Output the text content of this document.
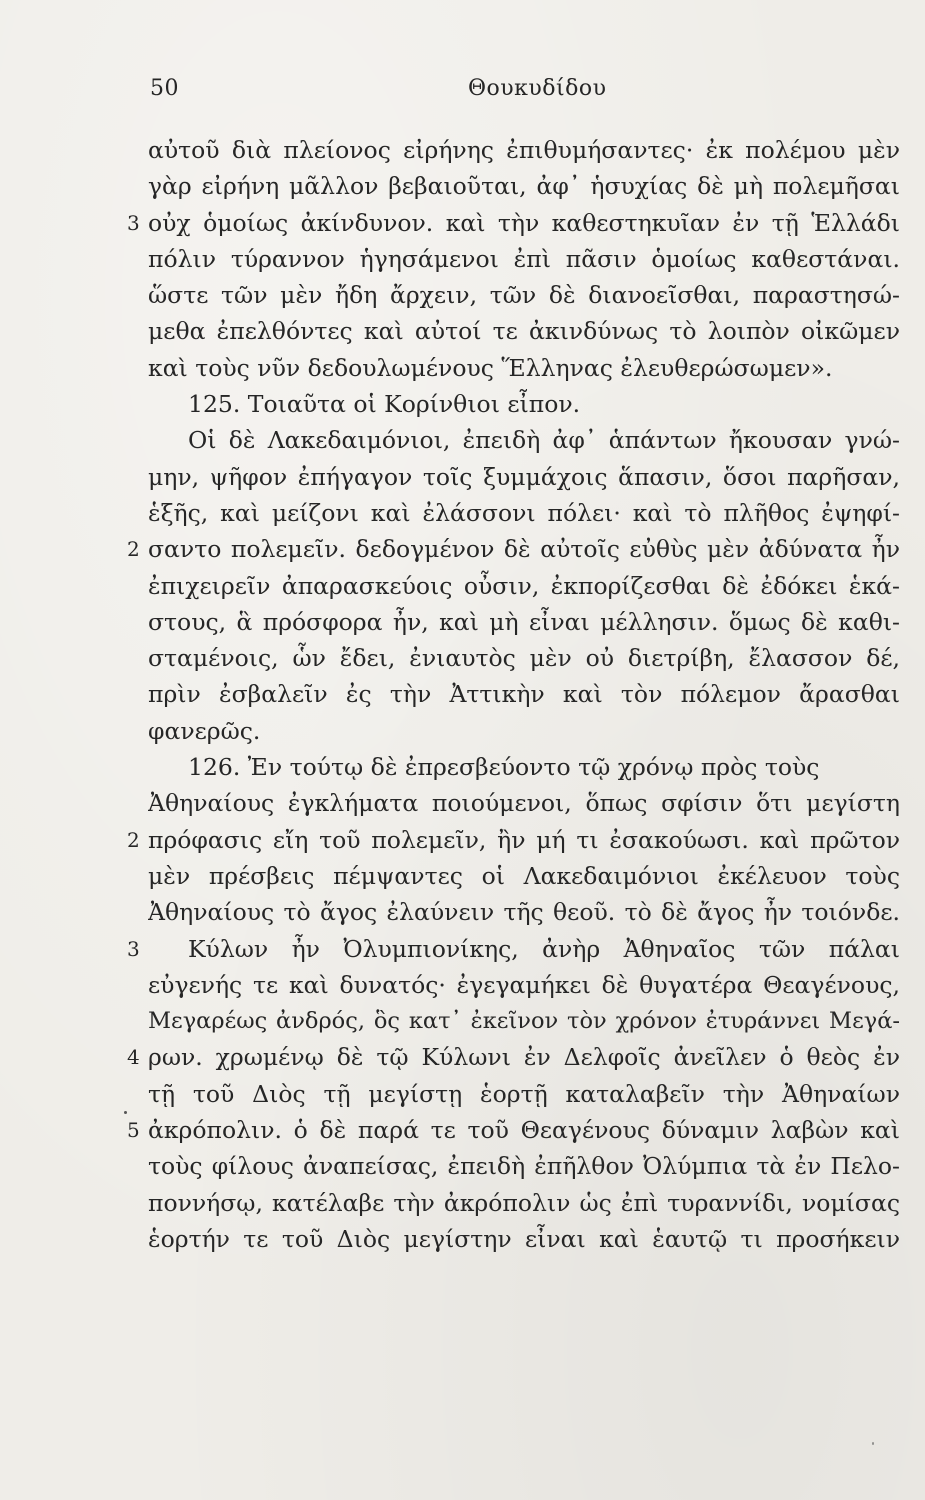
50	Θουκυδίδου
αὐτοῦ διὰ πλείονος εἰρήνης ἐπιθυμήσαντες· ἐκ πολέμου μὲν
γὰρ εἰρήνη μᾶλλον βεβαιοῦται, ἀφ᾽ ἡσυχίας δὲ μὴ πολεμῆσαι
3 οὐχ ὁμοίως ἀκίνδυνον. καὶ τὴν καθεστηκυῖαν ἐν τῇ Ἑλλάδι
πόλιν τύραννον ἡγησάμενοι ἐπὶ πᾶσιν ὁμοίως καθεστάναι.
ὥστε τῶν μὲν ἤδη ἄρχειν, τῶν δὲ διανοεῖσθαι, παραστησώ-
μεθα ἐπελθόντες καὶ αὐτοί τε ἀκινδύνως τὸ λοιπὸν οἰκῶμεν
καὶ τοὺς νῦν δεδουλωμένους Ἕλληνας ἐλευθερώσωμεν».
125. Τοιαῦτα οἱ Κορίνθιοι εἶπον.
Οἱ δὲ Λακεδαιμόνιοι, ἐπειδὴ ἀφ᾽ ἁπάντων ἤκουσαν γνώ-
μην, ψῆφον ἐπήγαγον τοῖς ξυμμάχοις ἅπασιν, ὅσοι παρῆσαν,
ἑξῆς, καὶ μείζονι καὶ ἐλάσσονι πόλει· καὶ τὸ πλῆθος ἐψηφί-
2 σαντο πολεμεῖν. δεδογμένον δὲ αὐτοῖς εὐθὺς μὲν ἀδύνατα ἦν
ἐπιχειρεῖν ἀπαρασκεύοις οὖσιν, ἐκπορίζεσθαι δὲ ἐδόκει ἑκά-
στους, ἃ πρόσφορα ἦν, καὶ μὴ εἶναι μέλλησιν. ὅμως δὲ καθι-
σταμένοις, ὧν ἔδει, ἐνιαυτὸς μὲν οὐ διετρίβη, ἔλασσον δέ,
πρὶν ἐσβαλεῖν ἐς τὴν Ἀττικὴν καὶ τὸν πόλεμον ἄρασθαι
φανερῶς.
126. Ἐν τούτῳ δὲ ἐπρεσβεύοντο τῷ χρόνῳ πρὸς τοὺς
Ἀθηναίους ἐγκλήματα ποιούμενοι, ὅπως σφίσιν ὅτι μεγίστη
2 πρόφασις εἴη τοῦ πολεμεῖν, ἢν μή τι ἐσακούωσι. καὶ πρῶτον
μὲν πρέσβεις πέμψαντες οἱ Λακεδαιμόνιοι ἐκέλευον τοὺς
Ἀθηναίους τὸ ἄγος ἐλαύνειν τῆς θεοῦ. τὸ δὲ ἄγος ἦν τοιόνδε.
3 Κύλων ἦν Ὀλυμπιονίκης, ἀνὴρ Ἀθηναῖος τῶν πάλαι
εὐγενής τε καὶ δυνατός· ἐγεγαμήκει δὲ θυγατέρα Θεαγένους,
Μεγαρέως ἀνδρός, ὃς κατ᾽ ἐκεῖνον τὸν χρόνον ἐτυράννει Μεγά-
4 ρων. χρωμένῳ δὲ τῷ Κύλωνι ἐν Δελφοῖς ἀνεῖλεν ὁ θεὸς ἐν
τῇ τοῦ Διὸς τῇ μεγίστῃ ἑορτῇ καταλαβεῖν τὴν Ἀθηναίων
5 ἀκρόπολιν. ὁ δὲ παρά τε τοῦ Θεαγένους δύναμιν λαβὼν καὶ
τοὺς φίλους ἀναπείσας, ἐπειδὴ ἐπῆλθον Ὀλύμπια τὰ ἐν Πελο-
ποννήσῳ, κατέλαβε τὴν ἀκρόπολιν ὡς ἐπὶ τυραννίδι, νομίσας
ἑορτήν τε τοῦ Διὸς μεγίστην εἶναι καὶ ἑαυτῷ τι προσήκειν
